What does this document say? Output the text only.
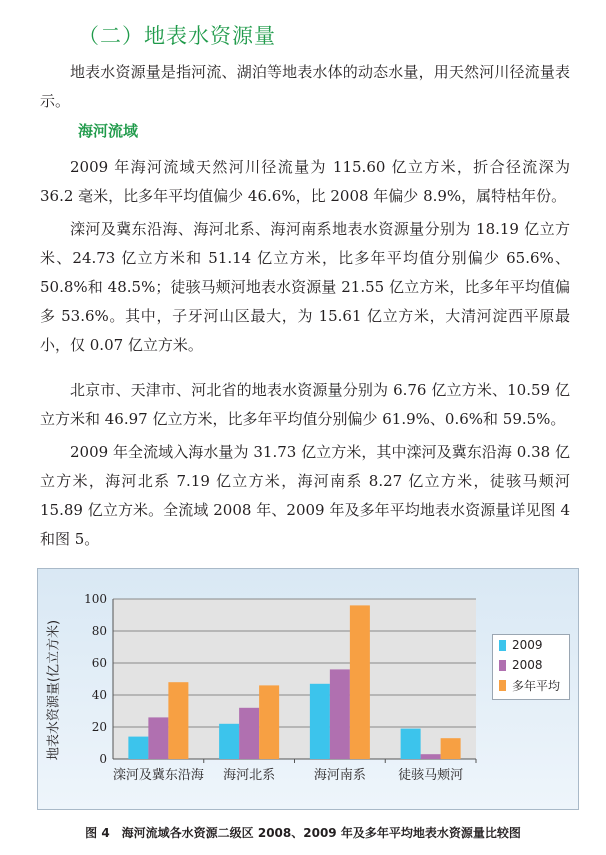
（二）地表水资源量

地表水资源量是指河流、湖泊等地表水体的动态水量，用天然河川径流量表示。

海河流域

2009 年海河流域天然河川径流量为 115.60 亿立方米，折合径流深为 36.2 毫米，比多年平均值偏少 46.6%，比 2008 年偏少 8.9%，属特枯年份。

滦河及冀东沿海、海河北系、海河南系地表水资源量分别为 18.19 亿立方米、24.73 亿立方米和 51.14 亿立方米，比多年平均值分别偏少 65.6%、50.8%和 48.5%；徒骇马颊河地表水资源量 21.55 亿立方米，比多年平均值偏多 53.6%。其中，子牙河山区最大，为 15.61 亿立方米，大清河淀西平原最小，仅 0.07 亿立方米。

北京市、天津市、河北省的地表水资源量分别为 6.76 亿立方米、10.59 亿立方米和 46.97 亿立方米，比多年平均值分别偏少 61.9%、0.6%和 59.5%。

2009 年全流域入海水量为 31.73 亿立方米，其中滦河及冀东沿海 0.38 亿立方米，海河北系 7.19 亿立方米，海河南系 8.27 亿立方米，徒骇马颊河 15.89 亿立方米。全流域 2008 年、2009 年及多年平均地表水资源量详见图 4 和图 5。

0
20
40
60
80
100
滦河及冀东沿海 海河北系	海河南系 徒骇马颊河
地表水资源量(亿立方米)	2009
2008
多年平均
图 4　海河流域各水资源二级区 2008、2009 年及多年平均地表水资源量比较图
